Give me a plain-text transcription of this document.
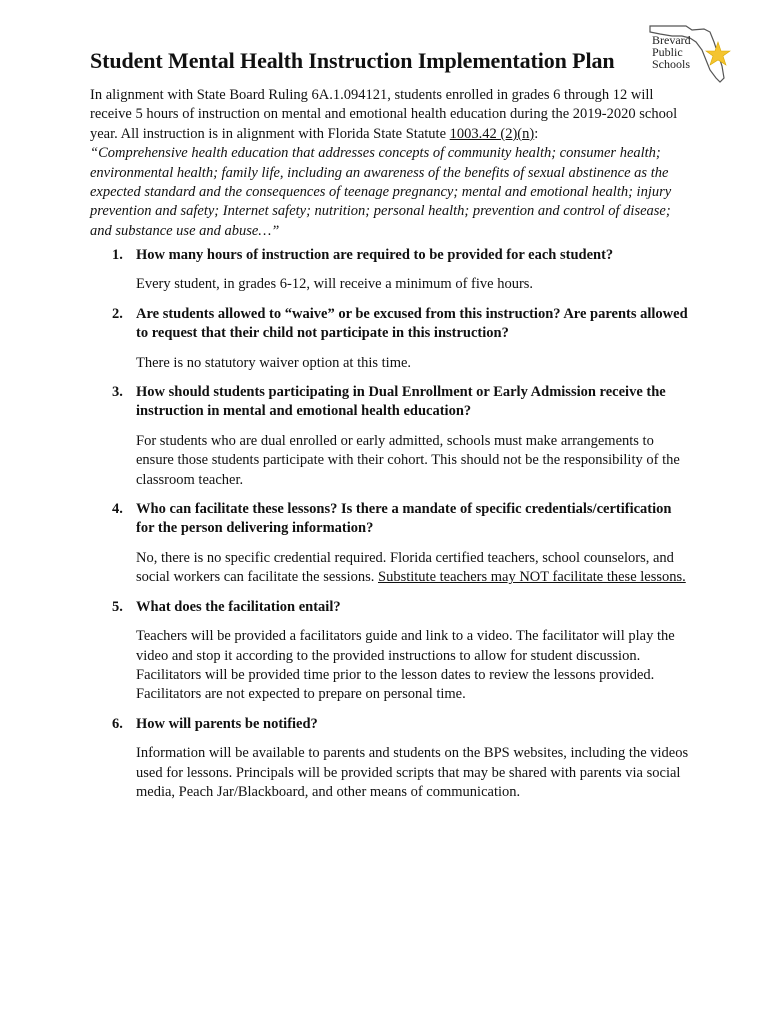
Brevard
Public
Schools
Student Mental Health Instruction Implementation Plan

In alignment with State Board Ruling 6A.1.094121, students enrolled in grades 6 through 12 will receive 5 hours of instruction on mental and emotional health education during the 2019-2020 school year. All instruction is in alignment with Florida State Statute 1003.42 (2)(n):
“Comprehensive health education that addresses concepts of community health; consumer health; environmental health; family life, including an awareness of the benefits of sexual abstinence as the expected standard and the consequences of teenage pregnancy; mental and emotional health; injury prevention and safety; Internet safety; nutrition; personal health; prevention and control of disease; and substance use and abuse…”

1. How many hours of instruction are required to be provided for each student?

Every student, in grades 6-12, will receive a minimum of five hours.

2. Are students allowed to “waive” or be excused from this instruction? Are parents allowed to request that their child not participate in this instruction?

There is no statutory waiver option at this time.

3. How should students participating in Dual Enrollment or Early Admission receive the instruction in mental and emotional health education?

For students who are dual enrolled or early admitted, schools must make arrangements to ensure those students participate with their cohort. This should not be the responsibility of the classroom teacher.

4. Who can facilitate these lessons? Is there a mandate of specific credentials/certification for the person delivering information?

No, there is no specific credential required. Florida certified teachers, school counselors, and social workers can facilitate the sessions. Substitute teachers may NOT facilitate these lessons.

5. What does the facilitation entail?

Teachers will be provided a facilitators guide and link to a video. The facilitator will play the video and stop it according to the provided instructions to allow for student discussion. Facilitators will be provided time prior to the lesson dates to review the lessons provided. Facilitators are not expected to prepare on personal time.

6. How will parents be notified?

Information will be available to parents and students on the BPS websites, including the videos used for lessons. Principals will be provided scripts that may be shared with parents via social media, Peach Jar/Blackboard, and other means of communication.
